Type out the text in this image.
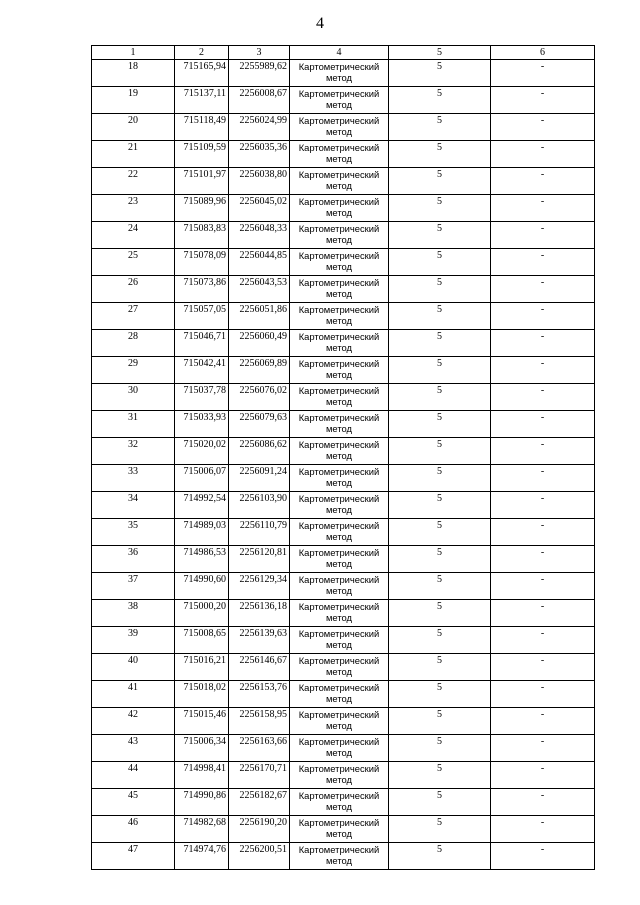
4
1	2	3	4	5	6
18	715165,94	2255989,62	Картометрический
метод	5	-
19	715137,11	2256008,67	Картометрический
метод	5	-
20	715118,49	2256024,99	Картометрический
метод	5	-
21	715109,59	2256035,36	Картометрический
метод	5	-
22	715101,97	2256038,80	Картометрический
метод	5	-
23	715089,96	2256045,02	Картометрический
метод	5	-
24	715083,83	2256048,33	Картометрический
метод	5	-
25	715078,09	2256044,85	Картометрический
метод	5	-
26	715073,86	2256043,53	Картометрический
метод	5	-
27	715057,05	2256051,86	Картометрический
метод	5	-
28	715046,71	2256060,49	Картометрический
метод	5	-
29	715042,41	2256069,89	Картометрический
метод	5	-
30	715037,78	2256076,02	Картометрический
метод	5	-
31	715033,93	2256079,63	Картометрический
метод	5	-
32	715020,02	2256086,62	Картометрический
метод	5	-
33	715006,07	2256091,24	Картометрический
метод	5	-
34	714992,54	2256103,90	Картометрический
метод	5	-
35	714989,03	2256110,79	Картометрический
метод	5	-
36	714986,53	2256120,81	Картометрический
метод	5	-
37	714990,60	2256129,34	Картометрический
метод	5	-
38	715000,20	2256136,18	Картометрический
метод	5	-
39	715008,65	2256139,63	Картометрический
метод	5	-
40	715016,21	2256146,67	Картометрический
метод	5	-
41	715018,02	2256153,76	Картометрический
метод	5	-
42	715015,46	2256158,95	Картометрический
метод	5	-
43	715006,34	2256163,66	Картометрический
метод	5	-
44	714998,41	2256170,71	Картометрический
метод	5	-
45	714990,86	2256182,67	Картометрический
метод	5	-
46	714982,68	2256190,20	Картометрический
метод	5	-
47	714974,76	2256200,51	Картометрический
метод	5	-
